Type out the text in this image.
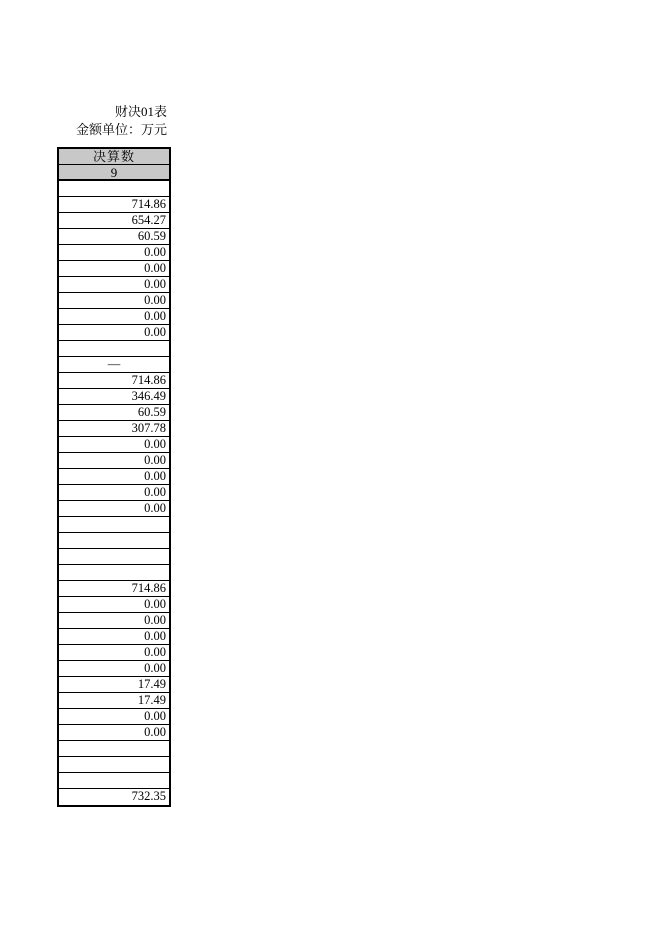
财决01表
金额单位：万元
决算数
9
714.86
654.27
60.59
0.00
0.00
0.00
0.00
0.00
0.00
—
714.86
346.49
60.59
307.78
0.00
0.00
0.00
0.00
0.00
714.86
0.00
0.00
0.00
0.00
0.00
17.49
17.49
0.00
0.00
732.35
